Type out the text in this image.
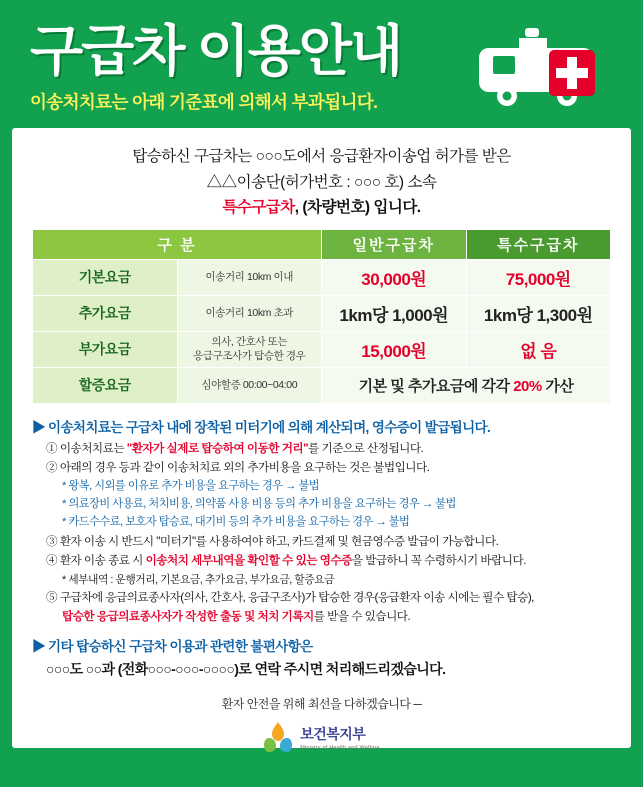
구급차 이용안내
이송처치료는 아래 기준표에 의해서 부과됩니다.
탑승하신 구급차는 ○○○도에서 응급환자이송업 허가를 받은
△△이송단(허가번호 : ○○○ 호) 소속
특수구급차, (차량번호) 입니다.
구 분		일반구급차	특수구급차
기본요금	이송거리 10km 이내	30,000원	75,000원
추가요금	이송거리 10km 초과	1km당 1,000원	1km당 1,300원
부가요금	의사, 간호사 또는
응급구조사가 탑승한 경우	15,000원	없 음
할증요금	심야할증 00:00~04:00	기본 및 추가요금에 각각 20% 가산	
▶ 이송처치료는 구급차 내에 장착된 미터기에 의해 계산되며, 영수증이 발급됩니다.
① 이송처치료는 "환자가 실제로 탑승하여 이동한 거리"를 기준으로 산정됩니다.
② 아래의 경우 등과 같이 이송처치료 외의 추가비용을 요구하는 것은 불법입니다.
* 왕복, 시외를 이유로 추가 비용을 요구하는 경우 → 불법
* 의료장비 사용료, 처치비용, 의약품 사용 비용 등의 추가 비용을 요구하는 경우 → 불법
* 카드수수료, 보호자 탑승료, 대기비 등의 추가 비용을 요구하는 경우 → 불법
③ 환자 이송 시 반드시 "미터기"를 사용하여야 하고, 카드결제 및 현금영수증 발급이 가능합니다.
④ 환자 이송 종료 시 이송처치 세부내역을 확인할 수 있는 영수증을 발급하니 꼭 수령하시기 바랍니다.
* 세부내역 : 운행거리, 기본요금, 추가요금, 부가요금, 할증요금
⑤ 구급차에 응급의료종사자(의사, 간호사, 응급구조사)가 탑승한 경우(응급환자 이송 시에는 필수 탑승),
탑승한 응급의료종사자가 작성한 출동 및 처치 기록지를 받을 수 있습니다.
▶ 기타 탑승하신 구급차 이용과 관련한 불편사항은
○○○도 ○○과 (전화○○○-○○○-○○○○)로 연락 주시면 처리해드리겠습니다.
환자 안전을 위해 최선을 다하겠습니다 ─
보건복지부
Ministry of Health and Welfare
